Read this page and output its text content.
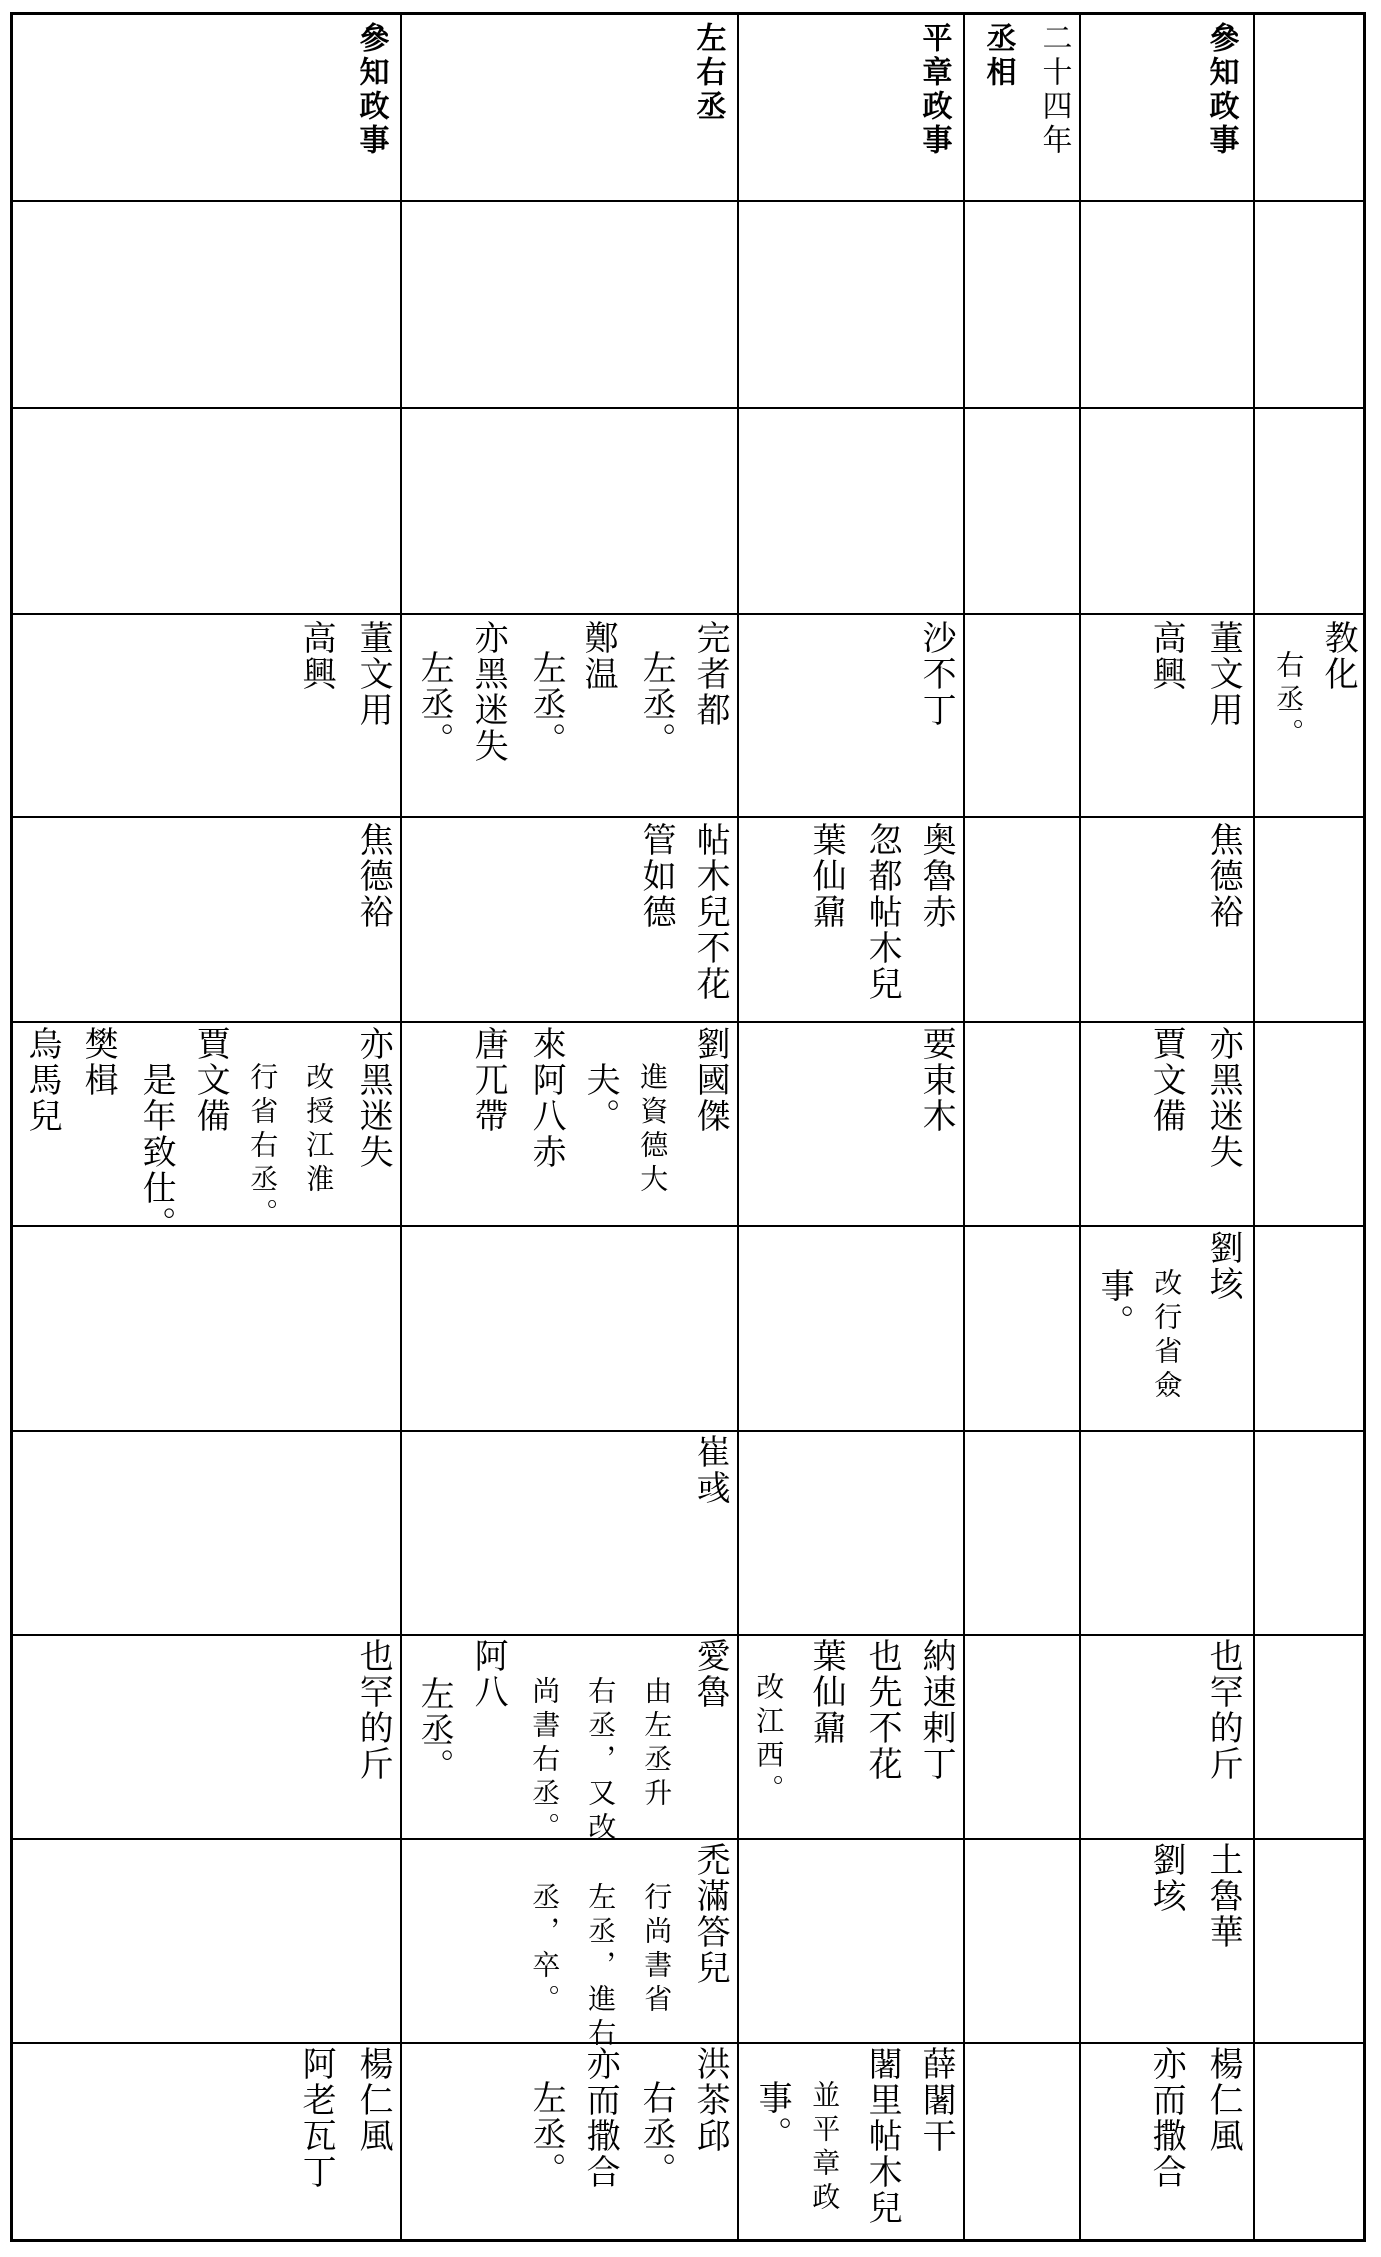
參知政事
二十四年
丞相
平章政事
左右丞
參知政事
教化
右丞。
董文用
高興
沙不丁
完者都
左丞。
鄭温
左丞。
亦黑迷失
左丞。
董文用
高興
焦德裕
奥魯赤
忽都帖木兒
葉仙鼐
帖木兒不花
管如德
焦德裕
亦黑迷失
賈文備
要束木
劉國傑
進資德大
夫。
來阿八赤
唐兀帶
亦黑迷失
改授江淮
行省右丞。
賈文備
是年致仕。
樊楫
烏馬兒
劉垓
改行省僉
事。
崔彧
也罕的斤
納速剌丁
也先不花
葉仙鼐
改江西。
愛魯
由左丞升
右丞，又改
尚書右丞。
阿八
左丞。
也罕的斤
土魯華
劉垓
禿滿答兒
行尚書省
左丞，進右
丞，卒。
楊仁風
亦而撒合
薛闍干
闍里帖木兒
並平章政
事。
洪茶邱
右丞。
亦而撒合
左丞。
楊仁風
阿老瓦丁
